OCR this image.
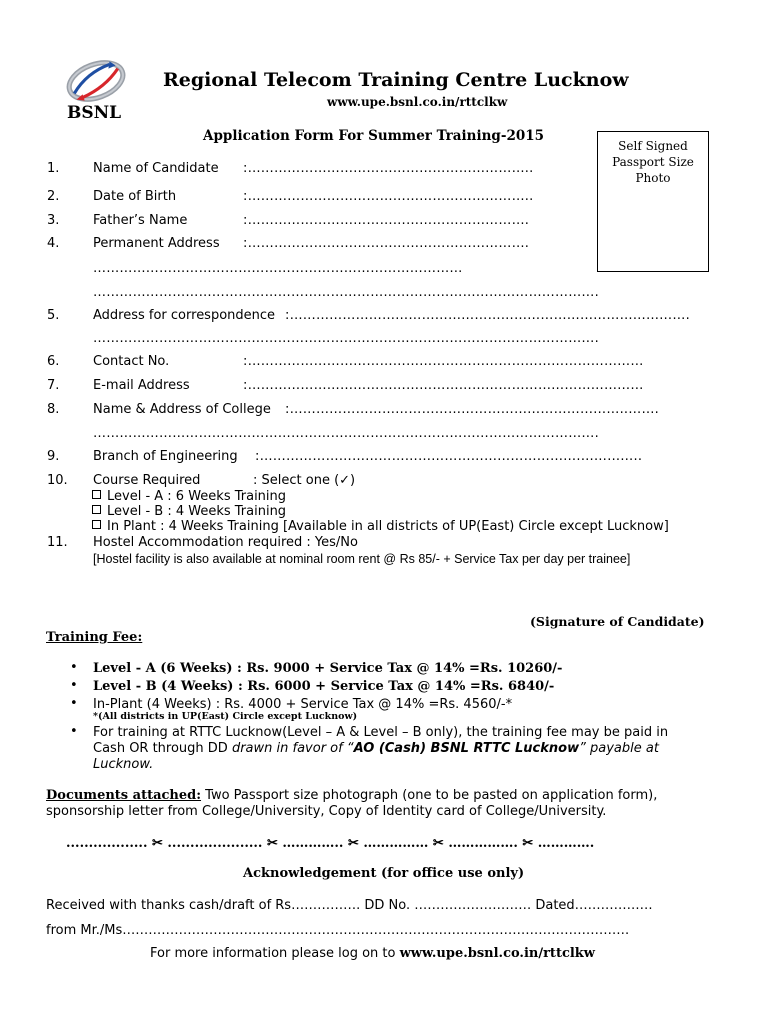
BSNL
Regional Telecom Training Centre Lucknow
www.upe.bsnl.co.in/rttclkw
Application Form For Summer Training-2015
Self Signed
Passport Size
Photo
1.	Name of Candidate :………………………………………………………..
2.	Date of Birth	:………………………………………………………..
3.	Father’s Name	:……………………………………………………….
4.	Permanent Address :……………………………………………………….
…………………………………………………………………………
…………………………………………………………………………………………………….
5.	Address for correspondence :……………………………………………………………………………….
…………………………………………………………………………………………………….
6.	Contact No.	:………………………………………………………………………………
7.	E-mail Address	:………………………………………………………………………………
8.	Name & Address of College :…………………………………………………………………..…….
…………………………………………………………………………………………………….
9.	Branch of Engineering :……………………………………………………………….…………..
10. Course Required	: Select one (✓)
Level - A : 6 Weeks Training
Level - B : 4 Weeks Training
In Plant : 4 Weeks Training [Available in all districts of UP(East) Circle except Lucknow]
11. Hostel Accommodation required : Yes/No
[Hostel facility is also available at nominal room rent @ Rs 85/- + Service Tax per day per trainee]
(Signature of Candidate)
Training Fee:
• Level - A (6 Weeks) : Rs. 9000 + Service Tax @ 14% =Rs. 10260/-
• Level - B (4 Weeks) : Rs. 6000 + Service Tax @ 14% =Rs. 6840/-
• In-Plant (4 Weeks) : Rs. 4000 + Service Tax @ 14% =Rs. 4560/-*
*(All districts in UP(East) Circle except Lucknow)
• For training at RTTC Lucknow(Level – A & Level – B only), the training fee may be paid in
Cash OR through DD drawn in favor of “AO (Cash) BSNL RTTC Lucknow” payable at
Lucknow.
Documents attached: Two Passport size photograph (one to be pasted on application form),
sponsorship letter from College/University, Copy of Identity card of College/University.
.................. ✂ ..................... ✂ ………….. ✂ …………… ✂ ……………. ✂ ………….
Acknowledgement (for office use only)
Received with thanks cash/draft of Rs……………. DD No. ……………………… Dated………………
from Mr./Ms………………………………………………………………………………………………………
For more information please log on to www.upe.bsnl.co.in/rttclkw
